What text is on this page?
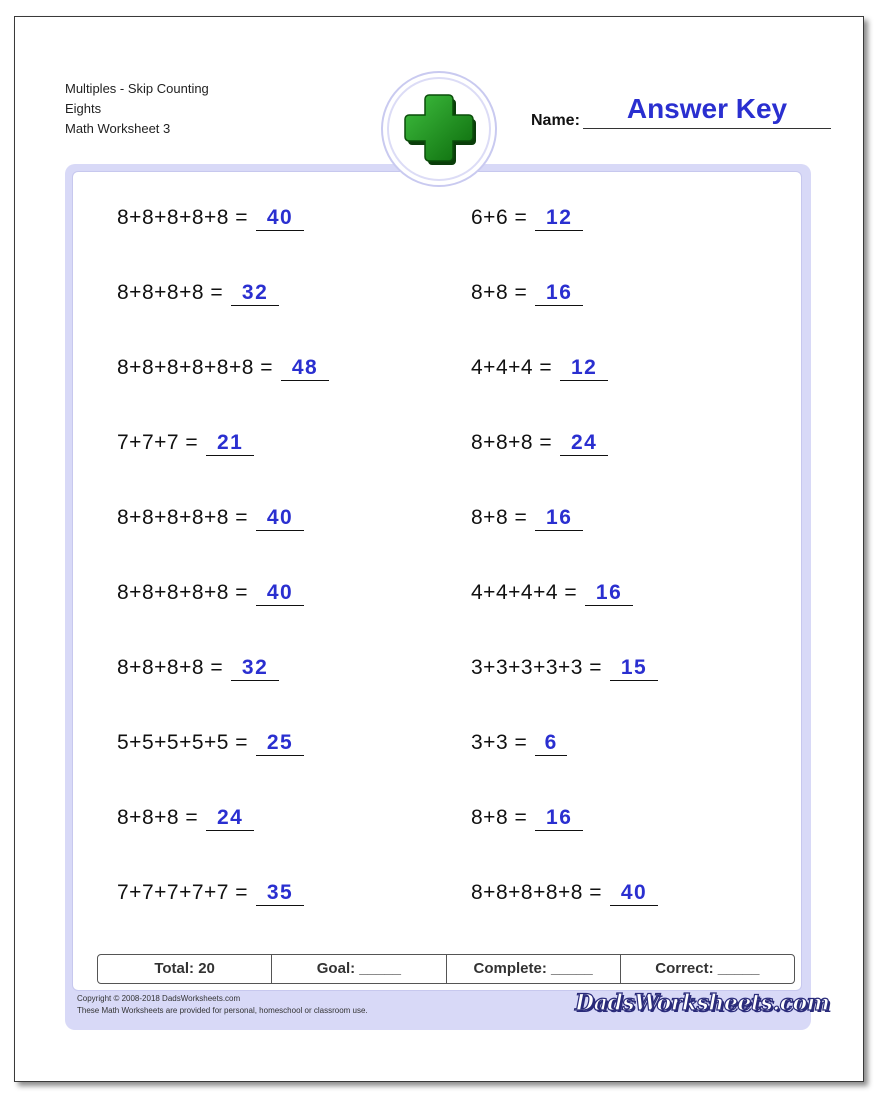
Multiples - Skip Counting
Eights
Math Worksheet 3	Name:	Answer Key
8+8+8+8+8 = 40
8+8+8+8 = 32
8+8+8+8+8+8 = 48
7+7+7 = 21
8+8+8+8+8 = 40
8+8+8+8+8 = 40
8+8+8+8 = 32
5+5+5+5+5 = 25
8+8+8 = 24
7+7+7+7+7 = 35
6+6 = 12
8+8 = 16
4+4+4 = 12
8+8+8 = 24
8+8 = 16
4+4+4+4 = 16
3+3+3+3+3 = 15
3+3 = 6
8+8 = 16
8+8+8+8+8 = 40
Total: 20	Goal: _____	Complete: _____	Correct: _____
Copyright © 2008-2018 DadsWorksheets.com
These Math Worksheets are provided for personal, homeschool or classroom use.	DadsWorksheets.com
